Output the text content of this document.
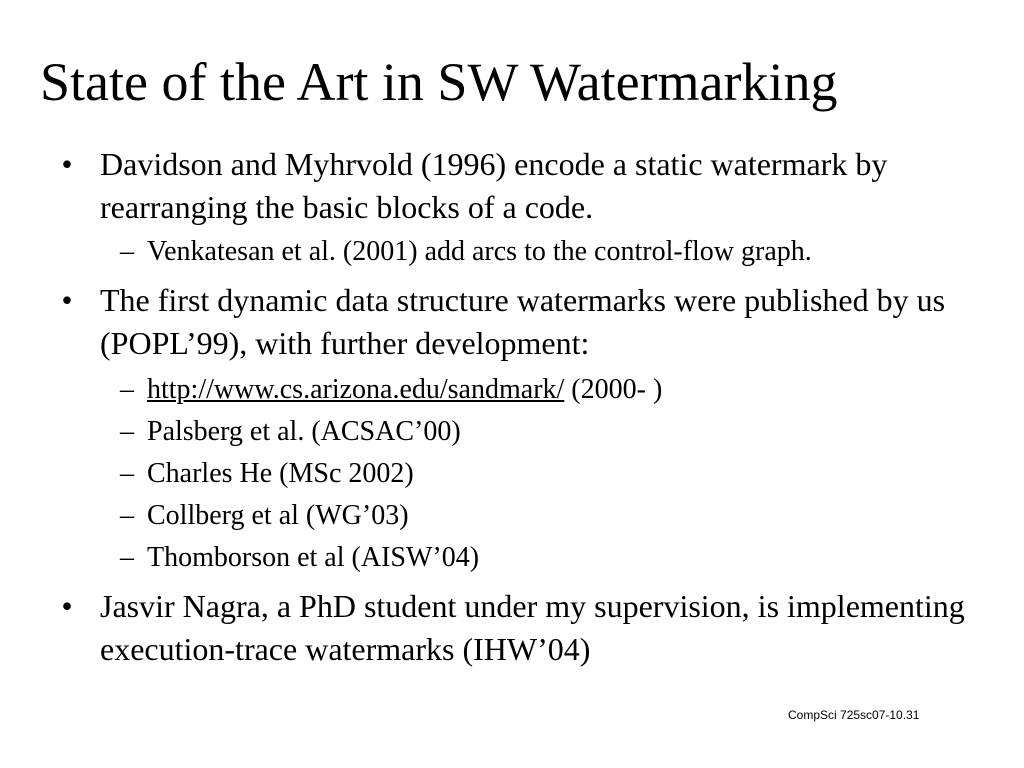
State of the Art in SW Watermarking
• Davidson and Myhrvold (1996) encode a static watermark by rearranging the basic blocks of a code.
– Venkatesan et al. (2001) add arcs to the control-flow graph.
• The first dynamic data structure watermarks were published by us (POPL’99), with further development:
– http://www.cs.arizona.edu/sandmark/ (2000- )
– Palsberg et al. (ACSAC’00)
– Charles He (MSc 2002)
– Collberg et al (WG’03)
– Thomborson et al (AISW’04)
• Jasvir Nagra, a PhD student under my supervision, is implementing execution-trace watermarks (IHW’04)
CompSci 725sc07-10.31
